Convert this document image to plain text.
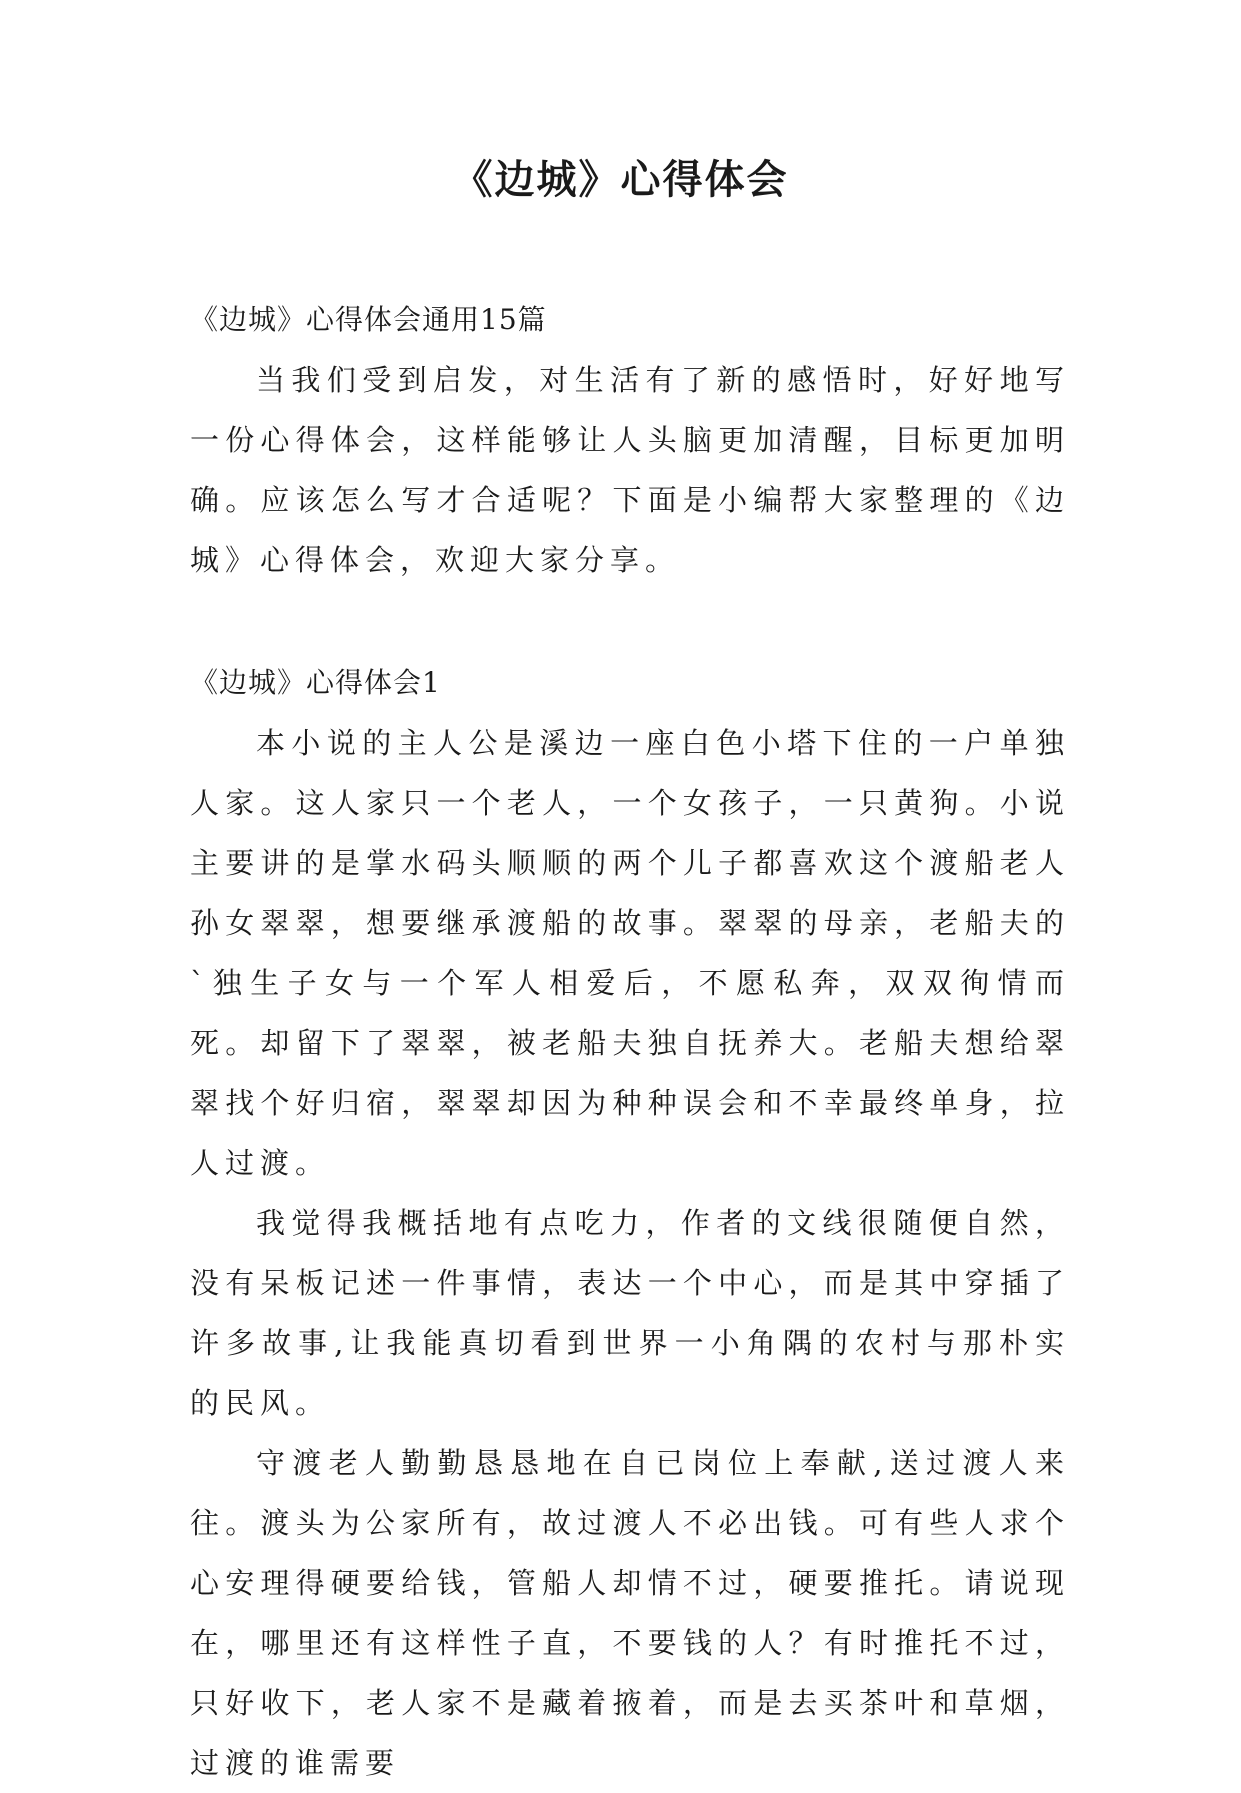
《边城》心得体会
《边城》心得体会通用15篇

当我们受到启发，对生活有了新的感悟时，好好地写一份心得体会，这样能够让人头脑更加清醒，目标更加明确。应该怎么写才合适呢？下面是小编帮大家整理的《边城》心得体会，欢迎大家分享。

《边城》心得体会1

本小说的主人公是溪边一座白色小塔下住的一户单独人家。这人家只一个老人，一个女孩子，一只黄狗。小说主要讲的是掌水码头顺顺的两个儿子都喜欢这个渡船老人孙女翠翠，想要继承渡船的故事。翠翠的母亲，老船夫的`独生子女与一个军人相爱后，不愿私奔，双双徇情而死。却留下了翠翠，被老船夫独自抚养大。老船夫想给翠翠找个好归宿，翠翠却因为种种误会和不幸最终单身，拉人过渡。

我觉得我概括地有点吃力，作者的文线很随便自然，没有呆板记述一件事情，表达一个中心，而是其中穿插了许多故事,让我能真切看到世界一小角隅的农村与那朴实的民风。

守渡老人勤勤恳恳地在自已岗位上奉献,送过渡人来往。渡头为公家所有，故过渡人不必出钱。可有些人求个心安理得硬要给钱，管船人却情不过，硬要推托。请说现在，哪里还有这样性子直，不要钱的人？有时推托不过，只好收下，老人家不是藏着掖着，而是去买茶叶和草烟，过渡的谁需要
